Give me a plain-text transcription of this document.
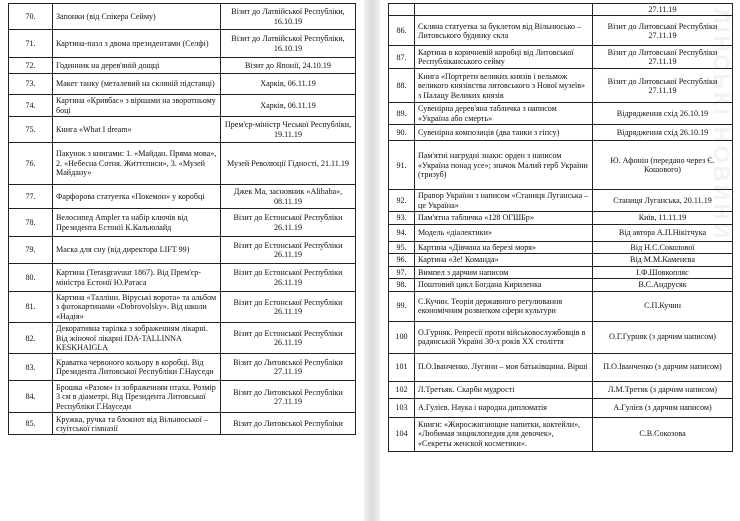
70.	Запонки (від Спікера Сейму)	Візит до Латвійської Республіки, 16.10.19
71.	Картина-пазл з двома президентами (Селфі)	Візит до Латвійської Республіки, 16.10.19
72.	Годинник на дерев'яній дощці	Візит до Японії, 24.10.19
73.	Макет танку (металевий на скляній підставці)	Харків, 06.11.19
74.	Картина «Кривбас» з віршами на зворотньому боці	Харків, 06.11.19
75.	Книга «What I dream»	Прем'єр-міністр Чеської Республіки, 19.11.19
76.	Пакунок з книгами: 1. «Майдан. Пряма мова», 2. «Небесна Сотня. Життєписи», 3. «Музей Майдану»	Музей Революції Гідності, 21.11.19
77.	Фарфорова статуетка «Покемон» у коробці	Джек Ма, засновник «Alibaba», 08.11.19
78.	Велосипед Ampler та набір ключів від Президента Естонії К.Кальюлайд	Візит до Естонської Республіки 26.11.19
79.	Маска для сну (від директора LIFT 99)	Візит до Естонської Республіки 26.11.19
80.	Картина (Terasgravuur 1867). Від Прем'єр-міністра Естонії Ю.Ратаса	Візит до Естонської Республіки 26.11.19
81.	Картина «Таллінн. Віруські ворота» та альбом з фотокартинами «Dobrovolsky». Від школи «Надія»	Візит до Естонської Республіки 26.11.19
82.	Декоративна тарілка з зображенням лікарні. Від жіночої лікарні IDA-TALLINNA KESKHAIGLA	Візит до Естонської Республіки 26.11.19
83.	Краватка червоного кольору в коробці. Від Президента Литовської Республіки Г.Науседи	Візит до Литовської Республіки 27.11.19
84.	Брошка «Разом» із зображенням птаха. Розмір 3 см в діаметрі. Від Президента Литовської Республіки Г.Науседи	Візит до Литовської Республіки 27.11.19
85.	Кружка, ручка та блокнот від Вільнюської – єзуїтської гімназії	Візит до Литовської Республіки
		27.11.19
86.	Скляна статуетка за буклетом від Вільнюсько – Литовського будинку скла	Візит до Литовської Республіки 27.11.19
87.	Картина в коричневій коробці від Литовської Республіканського сейму	Візит до Литовської Республіки 27.11.19
88.	Книга «Портрети великих князів і вельмож великого князівства литовського з Нової музеїв» з Палацу Великих князів	Візит до Литовської Республіки 27.11.19
89.	Сувенірна дерев'яна табличка з написом «Україна або смерть»	Відрядження схід 26.10.19
90.	Сувенірна композиція (два танки з гіпсу)	Відрядження схід 26.10.19
91.	Пам'ятні нагрудні знаки: орден з написом «Україна понад усе»; значок Малий герб України (тризуб)	Ю. Афонін (передано через Є. Кошового)
92.	Прапор України з написом «Станиця Луганська – це Україна»	Станиця Луганська, 20.11.19
93.	Пам'ятна табличка «128 ОГШБр»	Київ, 11.11.19
94.	Модель «діалектики»	Від автора А.П.Нікітчука
95.	Картина «Дівчина на березі моря»	Від Н.С.Соколової
96.	Картина «Зе! Команда»	Від М.М.Каменєва
97.	Вимпел з дарчим написом	І.Ф.Шовкопляс
98.	Поштовий цикл Богдана Кириленка	В.С.Андрусяк
99.	С.Кучин. Теорія державного регулювання економічним розвитком сфери культури	С.П.Кучин
100	О.Гурняк. Репресії проти військовослужбовців в радянській Україні 30-х років XX століття	О.Г.Гурняк (з дарчим написом)
101	П.О.Іванченко. Лугини – моя батьківщина. Вірші	П.О.Іванченко (з дарчим написом)
102	Л.Третьяк. Скарби мудрості	Л.М.Третяк (з дарчим написом)
103	А.Гулієв. Наука і народна дипломатія	А.Гулієв (з дарчим написом)
104	Книги: «Жиросжигающие напитки, коктейли», «Любимая энциклопедия для девочек», «Секреты женской косметики».	С.В.Сокозова
ЛІНСЬКІ НОВИНИ
